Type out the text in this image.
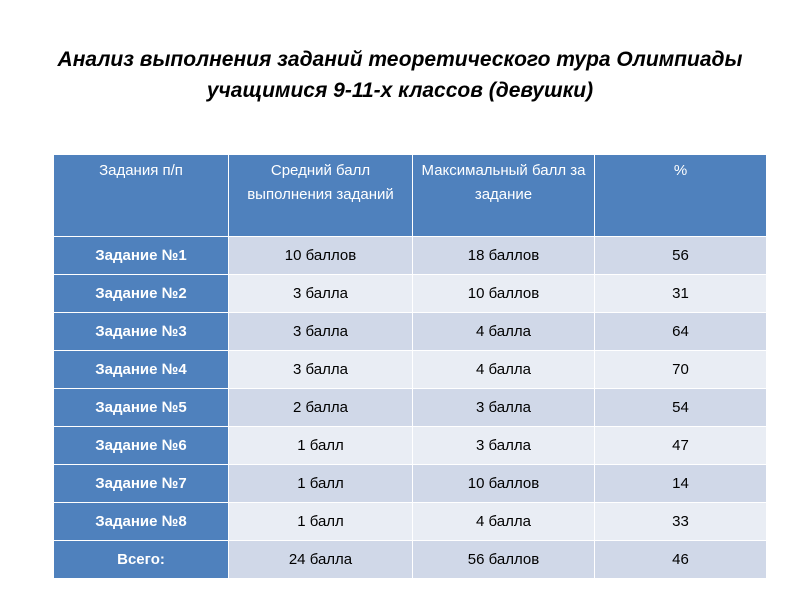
Анализ выполнения заданий теоретического тура Олимпиады
учащимися 9-11-х классов (девушки)
Задания п/п	Средний балл выполнения заданий	Максимальный балл за задание	%
Задание №1	10 баллов	18 баллов	56
Задание №2	3 балла	10 баллов	31
Задание №3	3 балла	4 балла	64
Задание №4	3 балла	4 балла	70
Задание №5	2 балла	3 балла	54
Задание №6	1 балл	3 балла	47
Задание №7	1 балл	10 баллов	14
Задание №8	1 балл	4 балла	33
Всего:	24 балла	56 баллов	46
